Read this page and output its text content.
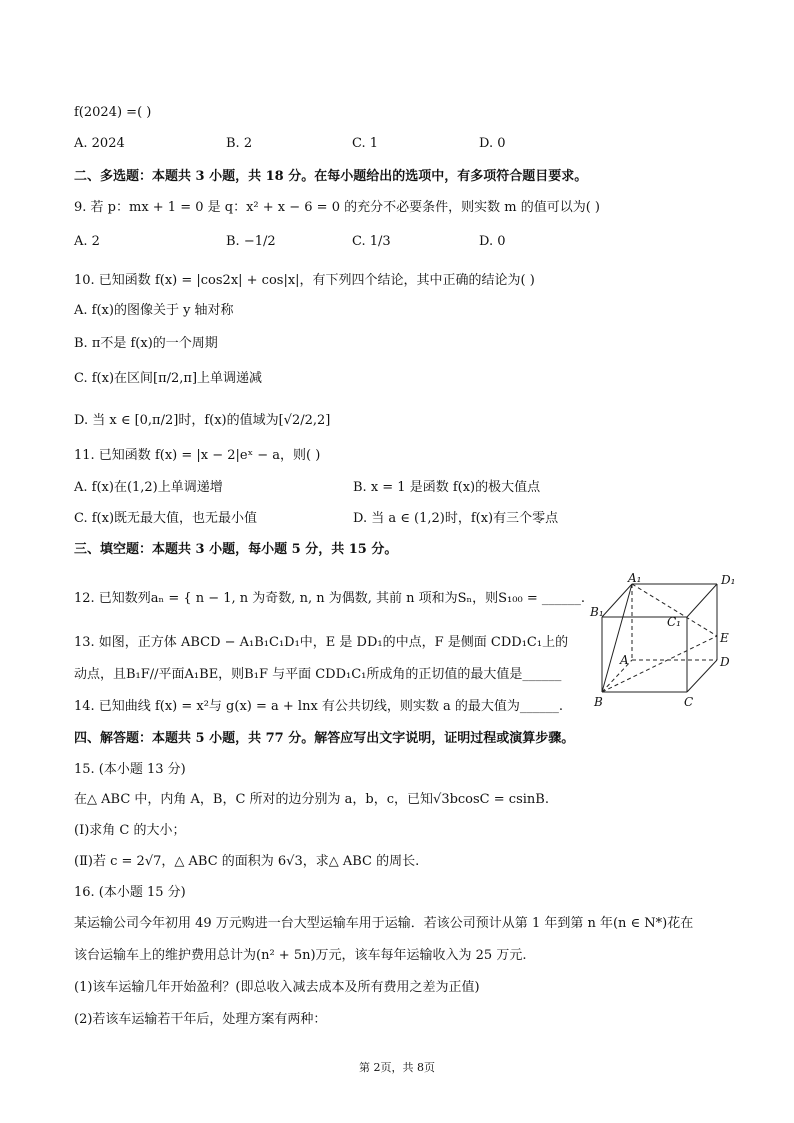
f(2024) =( )
A. 2024	B. 2	C. 1	D. 0
二、多选题：本题共 3 小题，共 18 分。在每小题给出的选项中，有多项符合题目要求。
9. 若 p：mx + 1 = 0 是 q：x² + x − 6 = 0 的充分不必要条件，则实数 m 的值可以为( )
A. 2	B. −1/2	C. 1/3	D. 0
10. 已知函数 f(x) = |cos2x| + cos|x|，有下列四个结论，其中正确的结论为( )
A. f(x)的图像关于 y 轴对称
B. π不是 f(x)的一个周期
C. f(x)在区间[π/2,π]上单调递减
D. 当 x ∈ [0,π/2]时，f(x)的值域为[√2/2,2]
11. 已知函数 f(x) = |x − 2|eˣ − a，则( )
A. f(x)在(1,2)上单调递增	B. x = 1 是函数 f(x)的极大值点
C. f(x)既无最大值，也无最小值	D. 当 a ∈ (1,2)时，f(x)有三个零点
三、填空题：本题共 3 小题，每小题 5 分，共 15 分。
12. 已知数列aₙ = { n − 1, n 为奇数, n, n 为偶数, 其前 n 项和为Sₙ，则S₁₀₀ = ______.
13. 如图，正方体 ABCD − A₁B₁C₁D₁中，E 是 DD₁的中点，F 是侧面 CDD₁C₁上的
动点，且B₁F//平面A₁BE，则B₁F 与平面 CDD₁C₁所成角的正切值的最大值是______
14. 已知曲线 f(x) = x²与 g(x) = a + lnx 有公共切线，则实数 a 的最大值为______.
四、解答题：本题共 5 小题，共 77 分。解答应写出文字说明，证明过程或演算步骤。
15. (本小题 13 分)
在△ ABC 中，内角 A，B，C 所对的边分别为 a，b，c，已知√3bcosC = csinB.
(Ⅰ)求角 C 的大小；
(Ⅱ)若 c = 2√7，△ ABC 的面积为 6√3，求△ ABC 的周长.
16. (本小题 15 分)
某运输公司今年初用 49 万元购进一台大型运输车用于运输．若该公司预计从第 1 年到第 n 年(n ∈ N*)花在
该台运输车上的维护费用总计为(n² + 5n)万元，该车每年运输收入为 25 万元.
(1)该车运输几年开始盈利？(即总收入减去成本及所有费用之差为正值)
(2)若该车运输若干年后，处理方案有两种：
A₁	D₁
B₁
C₁
E
A	D
B	C
第 2页，共 8页
